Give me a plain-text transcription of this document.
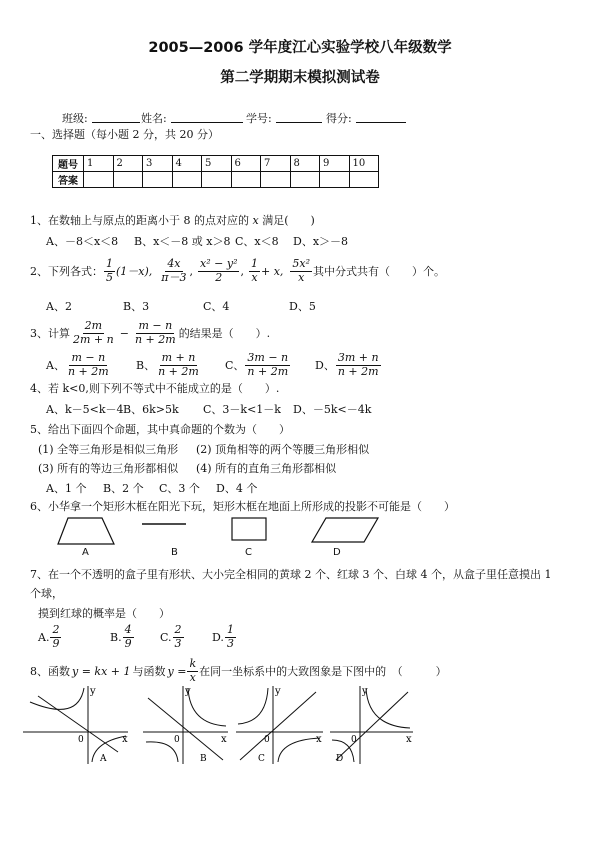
2005—2006 学年度江心实验学校八年级数学
第二学期期末模拟测试卷
班级:	姓名:	学号:	得分:
一、选择题（每小题 2 分，共 20 分）
题号	1	2	3	4	5	6	7	8	9	10
答案										
1、在数轴上与原点的距离小于 8 的点对应的 x 满足(　　)
A、－8＜x＜8 B、x＜－8 或 x＞8 C、x＜8 D、x＞－8
2、下列各式： $\frac{1}{5} (1-x)$, $\frac{4x}{\pi-3}$ , $\frac{\text{x² − y²}}{2}$ , $\frac{1}{x} + x$, $\frac{\text{5x²}}{x}$ 其中分式共有（　　）个。
A、2	B、3	C、4	D、5
3、计算 $\frac{2m}{2m + n} - \frac{m - n}{n + 2m}$ 的结果是（　　）.
A、 $\frac{m - n}{n + 2m}$ B、 $\frac{m + n}{n + 2m}$ C、 $\frac{3m - n}{n + 2m}$ D、 $\frac{3m + n}{n + 2m}$
4、若 k<0,则下列不等式中不能成立的是（　　）.
A、k－5<k－4 B、6k>5k C、3－k<1－k D、－5k<－4k
5、给出下面四个命题，其中真命题的个数为（　　）
(1) 全等三角形是相似三角形 (2) 顶角相等的两个等腰三角形相似
(3) 所有的等边三角形都相似 (4) 所有的直角三角形都相似
A、1 个 B、2 个 C、3 个 D、4 个
6、小华拿一个矩形木框在阳光下玩，矩形木框在地面上所形成的投影不可能是（　　）
A	B	C	D
7、在一个不透明的盒子里有形状、大小完全相同的黄球 2 个、红球 3 个、白球 4 个，从盒子里任意摸出 1
个球，
摸到红球的概率是（　　）
A. $\frac{2}{9}$	B. $\frac{4}{9} C$. $\frac{2}{3}$	D. $\frac{1}{3}$
8、函数 y = kx + 1 与函数 $y = \frac{k}{x}$ 在同一坐标系中的大致图象是下图中的　（　　　）
y
x
0
y
x
0
y
x
0
y
x
0
A	B	C	D
